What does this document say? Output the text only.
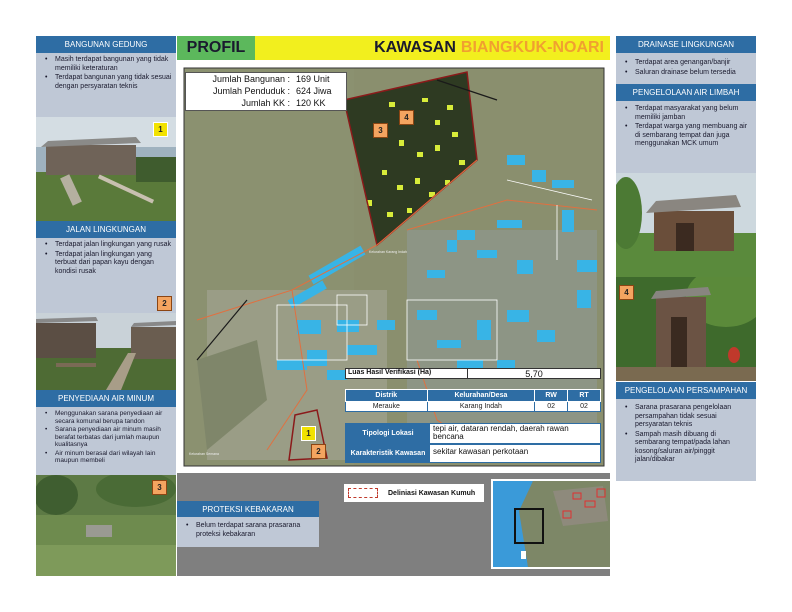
PROFIL	KAWASAN BIANGKUK-NOARI
Jumlah Bangunan : 169 Unit
Jumlah Penduduk : 624 Jiwa
Jumlah KK : 120 KK
3
4
1
2
Kelurahan Karang Indah
Kelurahan Semana
Luas Hasil Verifikasi (Ha)	5,70
Distrik	Kelurahan/Desa	RW	RT
Merauke	Karang Indah	02	02
Tipologi Lokasi
tepi air, dataran rendah, daerah rawan bencana
Karakteristik Kawasan sekitar kawasan perkotaan
Deliniasi Kawasan Kumuh
PROTEKSI KEBAKARAN
• Belum terdapat sarana prasarana proteksi kebakaran
BANGUNAN GEDUNG
• Masih terdapat bangunan yang tidak memiliki keteraturan
• Terdapat bangunan yang tidak sesuai dengan persyaratan teknis
1
JALAN LINGKUNGAN
• Terdapat jalan lingkungan yang rusak
• Terdapat jalan lingkungan yang terbuat dari papan kayu dengan kondisi rusak
2
PENYEDIAAN AIR MINUM
• Menggunakan sarana penyediaan air secara komunal berupa tandon
• Sarana penyediaan air minum masih berafat terbatas dari jumlah maupun kualitasnya
• Air minum berasal dari wilayah lain maupun membeli
3
DRAINASE LINGKUNGAN
• Terdapat area genangan/banjir
• Saluran drainase belum tersedia
PENGELOLAAN AIR LIMBAH
• Terdapat masyarakat yang belum memiliki jamban
• Terdapat warga yang membuang air di sembarang tempat dan juga menggunakan MCK umum
4
PENGELOLAAN PERSAMPAHAN
• Sarana prasarana pengelolaan persampahan tidak sesuai persyaratan teknis
• Sampah masih dibuang di sembarang tempat/pada lahan kosong/saluran air/pinggit jalan/dibakar
